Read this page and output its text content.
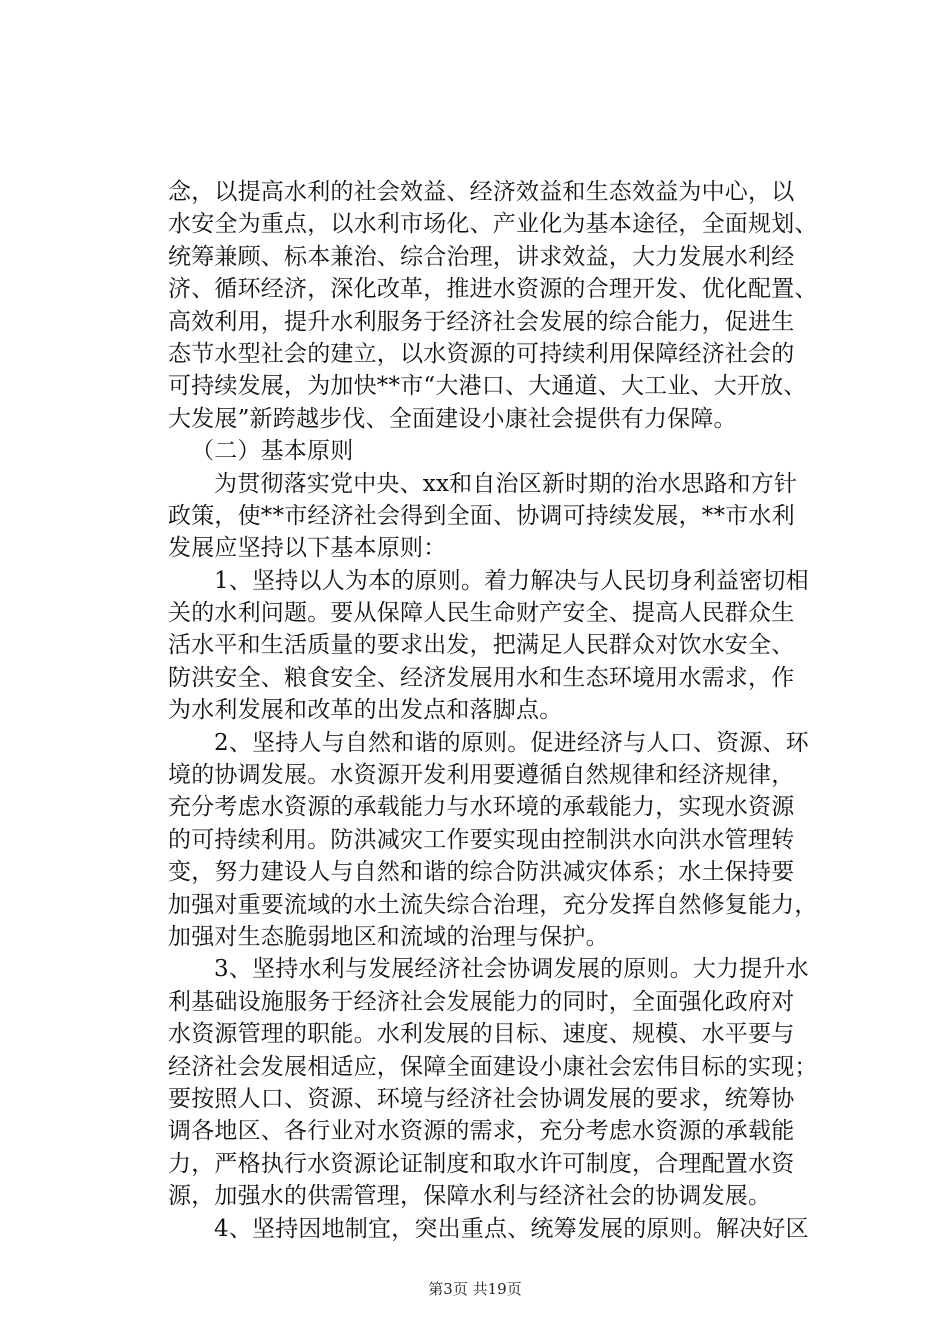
念，以提高水利的社会效益、经济效益和生态效益为中心，以
水安全为重点，以水利市场化、产业化为基本途径，全面规划、
统筹兼顾、标本兼治、综合治理，讲求效益，大力发展水利经
济、循环经济，深化改革，推进水资源的合理开发、优化配置、
高效利用，提升水利服务于经济社会发展的综合能力，促进生
态节水型社会的建立，以水资源的可持续利用保障经济社会的
可持续发展，为加快**市“大港口、大通道、大工业、大开放、
大发展”新跨越步伐、全面建设小康社会提供有力保障。
（二）基本原则
为贯彻落实党中央、xx和自治区新时期的治水思路和方针
政策，使**市经济社会得到全面、协调可持续发展，**市水利
发展应坚持以下基本原则：
1、坚持以人为本的原则。着力解决与人民切身利益密切相
关的水利问题。要从保障人民生命财产安全、提高人民群众生
活水平和生活质量的要求出发，把满足人民群众对饮水安全、
防洪安全、粮食安全、经济发展用水和生态环境用水需求，作
为水利发展和改革的出发点和落脚点。
2、坚持人与自然和谐的原则。促进经济与人口、资源、环
境的协调发展。水资源开发利用要遵循自然规律和经济规律，
充分考虑水资源的承载能力与水环境的承载能力，实现水资源
的可持续利用。防洪减灾工作要实现由控制洪水向洪水管理转
变，努力建设人与自然和谐的综合防洪减灾体系；水土保持要
加强对重要流域的水土流失综合治理，充分发挥自然修复能力，
加强对生态脆弱地区和流域的治理与保护。
3、坚持水利与发展经济社会协调发展的原则。大力提升水
利基础设施服务于经济社会发展能力的同时，全面强化政府对
水资源管理的职能。水利发展的目标、速度、规模、水平要与
经济社会发展相适应，保障全面建设小康社会宏伟目标的实现；
要按照人口、资源、环境与经济社会协调发展的要求，统筹协
调各地区、各行业对水资源的需求，充分考虑水资源的承载能
力，严格执行水资源论证制度和取水许可制度，合理配置水资
源，加强水的供需管理，保障水利与经济社会的协调发展。
4、坚持因地制宜，突出重点、统筹发展的原则。解决好区
第3页 共19页
